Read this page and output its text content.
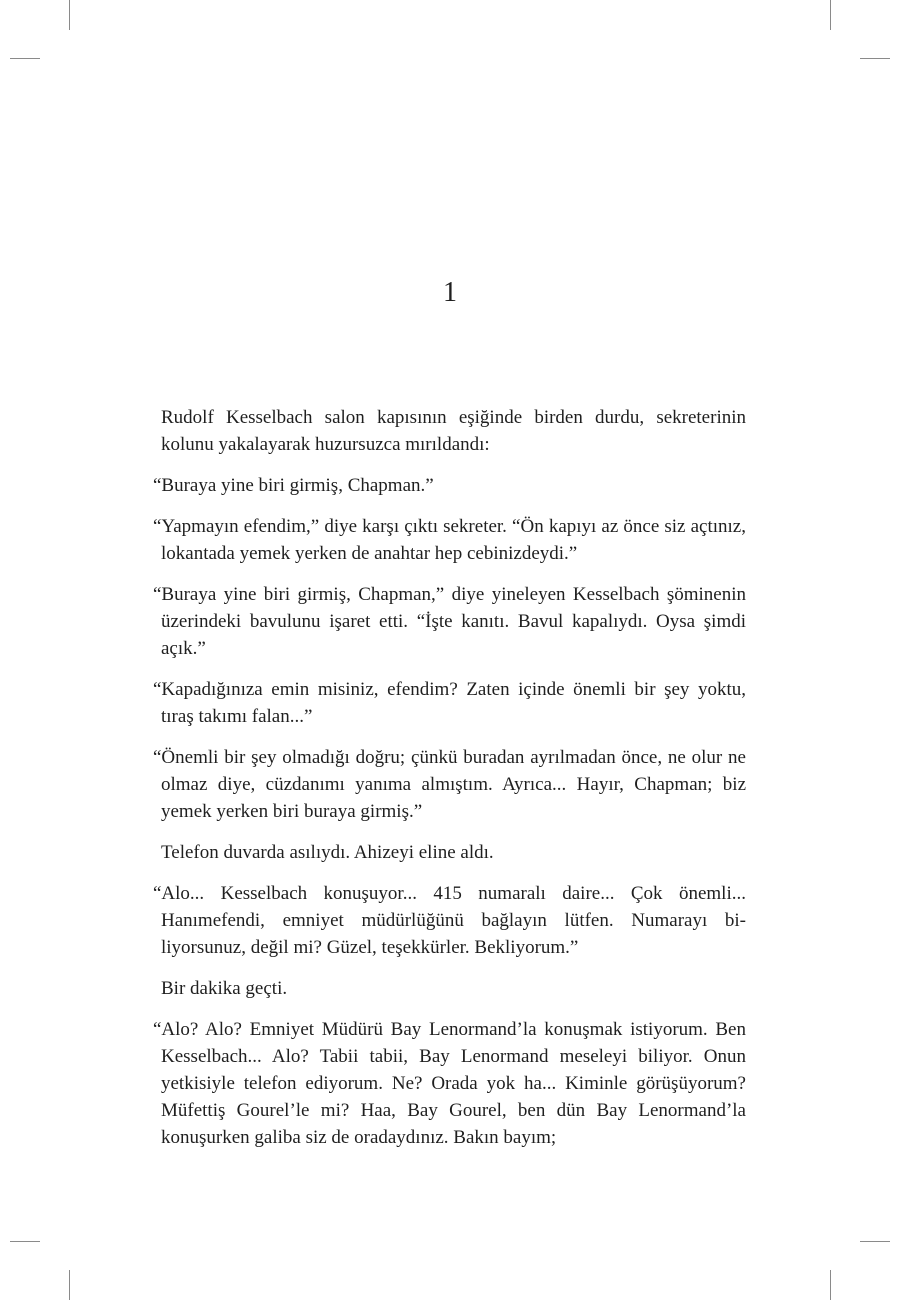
1

Rudolf Kesselbach salon kapısının eşiğinde birden durdu, sekreterinin kolunu yakalayarak huzursuzca mırıldandı:

“Buraya yine biri girmiş, Chapman.”

“Yapmayın efendim,” diye karşı çıktı sekreter. “Ön kapıyı az önce siz açtınız, lokantada yemek yerken de anahtar hep cebinizdeydi.”

“Buraya yine biri girmiş, Chapman,” diye yineleyen Kesselbach şöminenin üzerindeki bavulunu işaret etti. “İşte kanıtı. Bavul kapalıydı. Oysa şimdi açık.”

“Kapadığınıza emin misiniz, efendim? Zaten içinde önemli bir şey yoktu, tıraş takımı falan...”

“Önemli bir şey olmadığı doğru; çünkü buradan ayrılmadan önce, ne olur ne olmaz diye, cüzdanımı yanıma almıştım. Ayrıca... Hayır, Chapman; biz yemek yerken biri buraya girmiş.”

Telefon duvarda asılıydı. Ahizeyi eline aldı.

“Alo... Kesselbach konuşuyor... 415 numaralı daire... Çok önemli... Hanımefendi, emniyet müdürlüğünü bağlayın lütfen. Numarayı biliyorsunuz, değil mi? Güzel, teşekkürler. Bekliyorum.”

Bir dakika geçti.

“Alo? Alo? Emniyet Müdürü Bay Lenormand’la konuşmak istiyorum. Ben Kesselbach... Alo? Tabii tabii, Bay Lenormand meseleyi biliyor. Onun yetkisiyle telefon ediyorum. Ne? Orada yok ha... Kiminle görüşüyorum? Müfettiş Gourel’le mi? Haa, Bay Gourel, ben dün Bay Lenormand’la konuşurken galiba siz de oradaydınız. Bakın bayım;
